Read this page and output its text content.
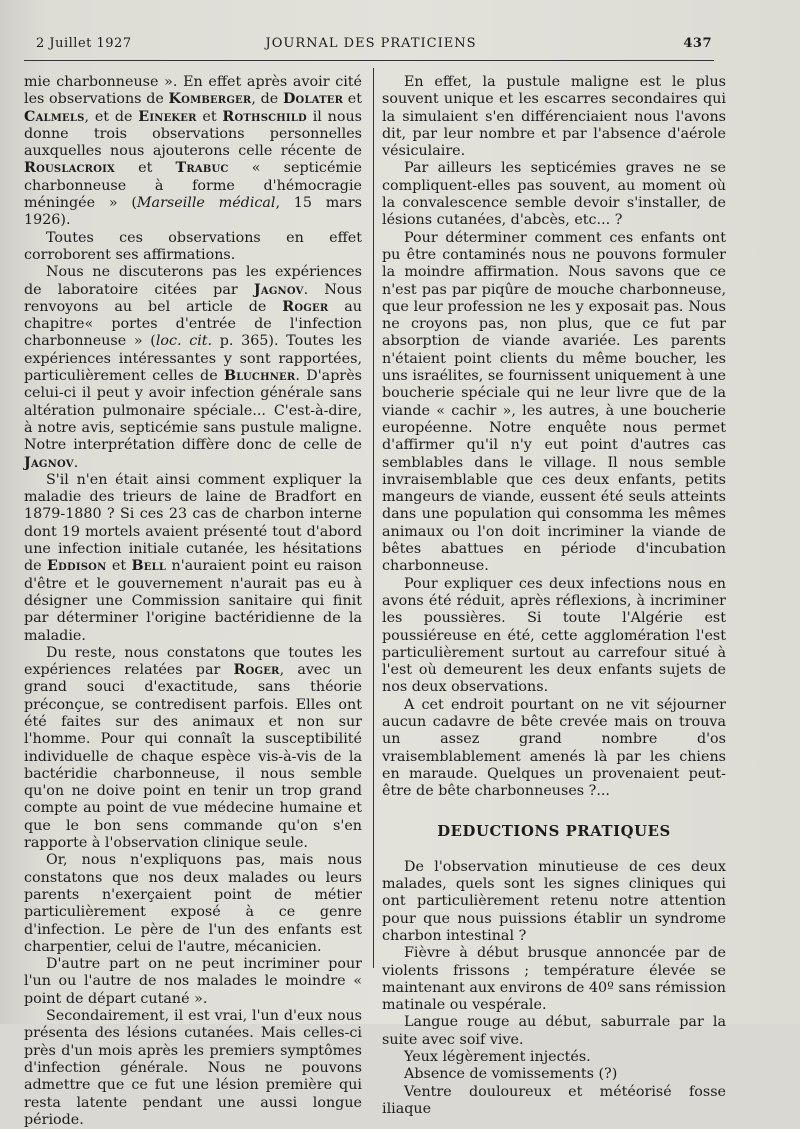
2 Juillet 1927	JOURNAL DES PRATICIENS	437

mie charbonneuse ». En effet après avoir cité les observations de Komberger, de Dolater et Calmels, et de Eineker et Rothschild il nous donne trois observations personnelles auxquelles nous ajouterons celle récente de Rouslacroix et Trabuc « septicémie charbonneuse à forme d'hémocragie méningée » (Marseille médical, 15 mars 1926).

Toutes ces observations en effet corroborent ses affirmations.

Nous ne discuterons pas les expériences de laboratoire citées par Jagnov. Nous renvoyons au bel article de Roger au chapitre« portes d'entrée de l'infection charbonneuse » (loc. cit. p. 365). Toutes les expériences intéressantes y sont rapportées, particulièrement celles de Bluchner. D'après celui-ci il peut y avoir infection générale sans altération pulmonaire spéciale... C'est-à-dire, à notre avis, septicémie sans pustule maligne. Notre interprétation diffère donc de celle de Jagnov.

S'il n'en était ainsi comment expliquer la maladie des trieurs de laine de Bradfort en 1879-1880 ? Si ces 23 cas de charbon interne dont 19 mortels avaient présenté tout d'abord une infection initiale cutanée, les hésitations de Eddison et Bell n'auraient point eu raison d'être et le gouvernement n'aurait pas eu à désigner une Commission sanitaire qui finit par déterminer l'origine bactéridienne de la maladie.

Du reste, nous constatons que toutes les expériences relatées par Roger, avec un grand souci d'exactitude, sans théorie préconçue, se contredisent parfois. Elles ont été faites sur des animaux et non sur l'homme. Pour qui connaît la susceptibilité individuelle de chaque espèce vis-à-vis de la bactéridie charbonneuse, il nous semble qu'on ne doive point en tenir un trop grand compte au point de vue médecine humaine et que le bon sens commande qu'on s'en rapporte à l'observation clinique seule.

Or, nous n'expliquons pas, mais nous constatons que nos deux malades ou leurs parents n'exerçaient point de métier particulièrement exposé à ce genre d'infection. Le père de l'un des enfants est charpentier, celui de l'autre, mécanicien.

D'autre part on ne peut incriminer pour l'un ou l'autre de nos malades le moindre « point de départ cutané ».

Secondairement, il est vrai, l'un d'eux nous présenta des lésions cutanées. Mais celles-ci près d'un mois après les premiers symptômes d'infection générale. Nous ne pouvons admettre que ce fut une lésion première qui resta latente pendant une aussi longue période.

En effet, la pustule maligne est le plus souvent unique et les escarres secondaires qui la simulaient s'en différenciaient nous l'avons dit, par leur nombre et par l'absence d'aérole vésiculaire.

Par ailleurs les septicémies graves ne se compliquent-elles pas souvent, au moment où la convalescence semble devoir s'installer, de lésions cutanées, d'abcès, etc... ?

Pour déterminer comment ces enfants ont pu être contaminés nous ne pouvons formuler la moindre affirmation. Nous savons que ce n'est pas par piqûre de mouche charbonneuse, que leur profession ne les y exposait pas. Nous ne croyons pas, non plus, que ce fut par absorption de viande avariée. Les parents n'étaient point clients du même boucher, les uns israélites, se fournissent uniquement à une boucherie spéciale qui ne leur livre que de la viande « cachir », les autres, à une boucherie européenne. Notre enquête nous permet d'affirmer qu'il n'y eut point d'autres cas semblables dans le village. Il nous semble invraisemblable que ces deux enfants, petits mangeurs de viande, eussent été seuls atteints dans une population qui consomma les mêmes animaux ou l'on doit incriminer la viande de bêtes abattues en période d'incubation charbonneuse.

Pour expliquer ces deux infections nous en avons été réduit, après réflexions, à incriminer les poussières. Si toute l'Algérie est poussiéreuse en été, cette agglomération l'est particulièrement surtout au carrefour situé à l'est où demeurent les deux enfants sujets de nos deux observations.

A cet endroit pourtant on ne vit séjourner aucun cadavre de bête crevée mais on trouva un assez grand nombre d'os vraisemblablement amenés là par les chiens en maraude. Quelques un provenaient peut-être de bête charbonneuses ?...

DEDUCTIONS PRATIQUES

De l'observation minutieuse de ces deux malades, quels sont les signes cliniques qui ont particulièrement retenu notre attention pour que nous puissions établir un syndrome charbon intestinal ?

Fièvre à début brusque annoncée par de violents frissons ; température élevée se maintenant aux environs de 40º sans rémission matinale ou vespérale.

Langue rouge au début, saburrale par la suite avec soif vive.

Yeux légèrement injectés.

Absence de vomissements (?)

Ventre douloureux et météorisé fosse iliaque
